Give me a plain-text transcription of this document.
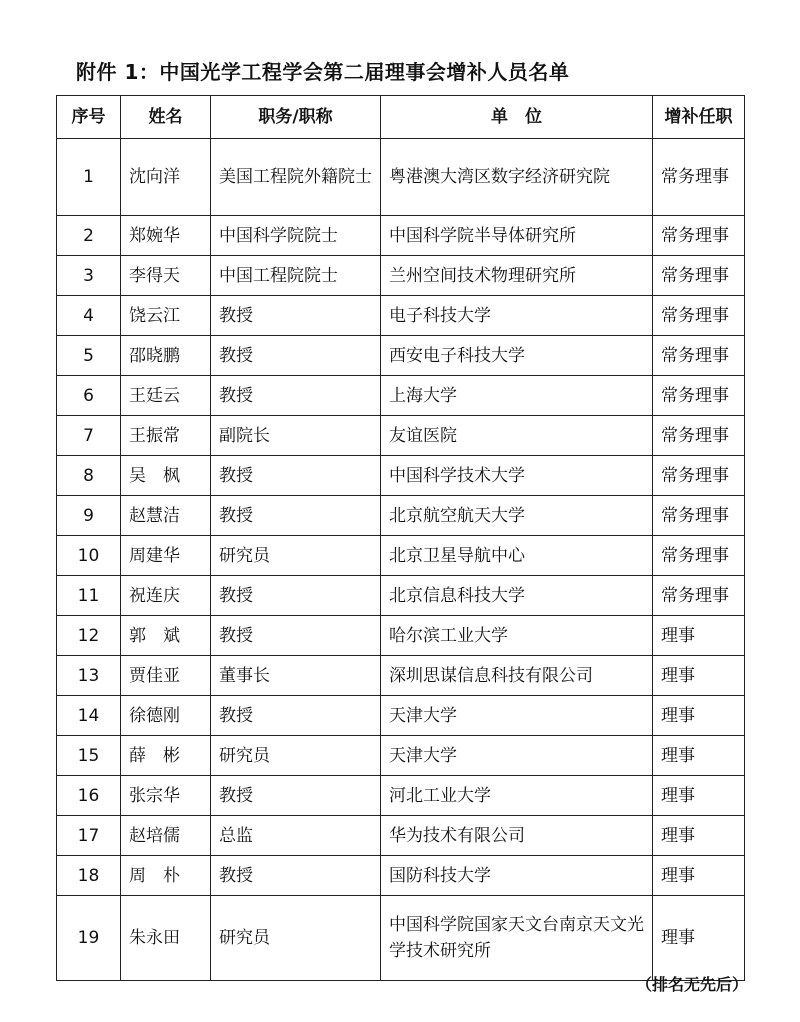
附件 1：中国光学工程学会第二届理事会增补人员名单
序号	姓名	职务/职称	单　位	增补任职
1	沈向洋	美国工程院外籍院士	粤港澳大湾区数字经济研究院	常务理事
2	郑婉华	中国科学院院士	中国科学院半导体研究所	常务理事
3	李得天	中国工程院院士	兰州空间技术物理研究所	常务理事
4	饶云江	教授	电子科技大学	常务理事
5	邵晓鹏	教授	西安电子科技大学	常务理事
6	王廷云	教授	上海大学	常务理事
7	王振常	副院长	友谊医院	常务理事
8	吴　枫	教授	中国科学技术大学	常务理事
9	赵慧洁	教授	北京航空航天大学	常务理事
10	周建华	研究员	北京卫星导航中心	常务理事
11	祝连庆	教授	北京信息科技大学	常务理事
12	郭　斌	教授	哈尔滨工业大学	理事
13	贾佳亚	董事长	深圳思谋信息科技有限公司	理事
14	徐德刚	教授	天津大学	理事
15	薛　彬	研究员	天津大学	理事
16	张宗华	教授	河北工业大学	理事
17	赵培儒	总监	华为技术有限公司	理事
18	周　朴	教授	国防科技大学	理事
19	朱永田	研究员	中国科学院国家天文台南京天文光学技术研究所	理事
（排名无先后）
